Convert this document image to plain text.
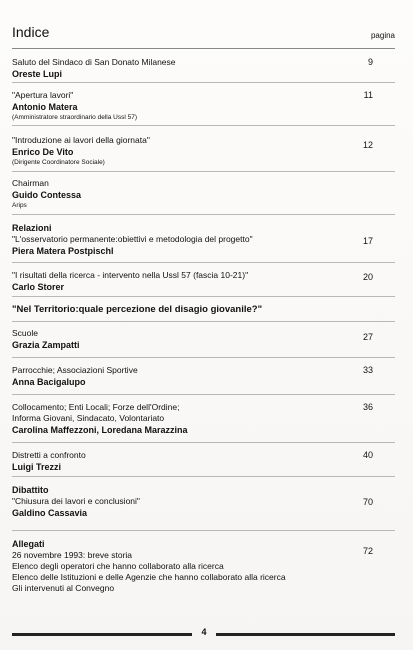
Indice	pagina
Saluto del Sindaco di San Donato Milanese
Oreste Lupi
9
"Apertura lavori"
Antonio Matera
(Amministratore straordinario della Ussl 57)
11
"Introduzione ai lavori della giornata"
Enrico De Vito
(Dirigente Coordinatore Sociale)
12
Chairman
Guido Contessa
Arips
Relazioni
"L'osservatorio permanente:obiettivi e metodologia del progetto"
Piera Matera Postpischl
17
"I risultati della ricerca - intervento nella Ussl 57 (fascia 10-21)"
Carlo Storer
20
"Nel Territorio:quale percezione del disagio giovanile?"
Scuole
Grazia Zampatti
27
Parrocchie; Associazioni Sportive
Anna Bacigalupo
33
Collocamento; Enti Locali; Forze dell'Ordine;
Informa Giovani, Sindacato, Volontariato
Carolina Maffezzoni, Loredana Marazzina
36
Distretti a confronto
Luigi Trezzi
40
Dibattito
"Chiusura dei lavori e conclusioni"
Galdino Cassavia
70
Allegati
26 novembre 1993: breve storia
Elenco degli operatori che hanno collaborato alla ricerca
Elenco delle Istituzioni e delle Agenzie che hanno collaborato alla ricerca
Gli intervenuti al Convegno
72
4
